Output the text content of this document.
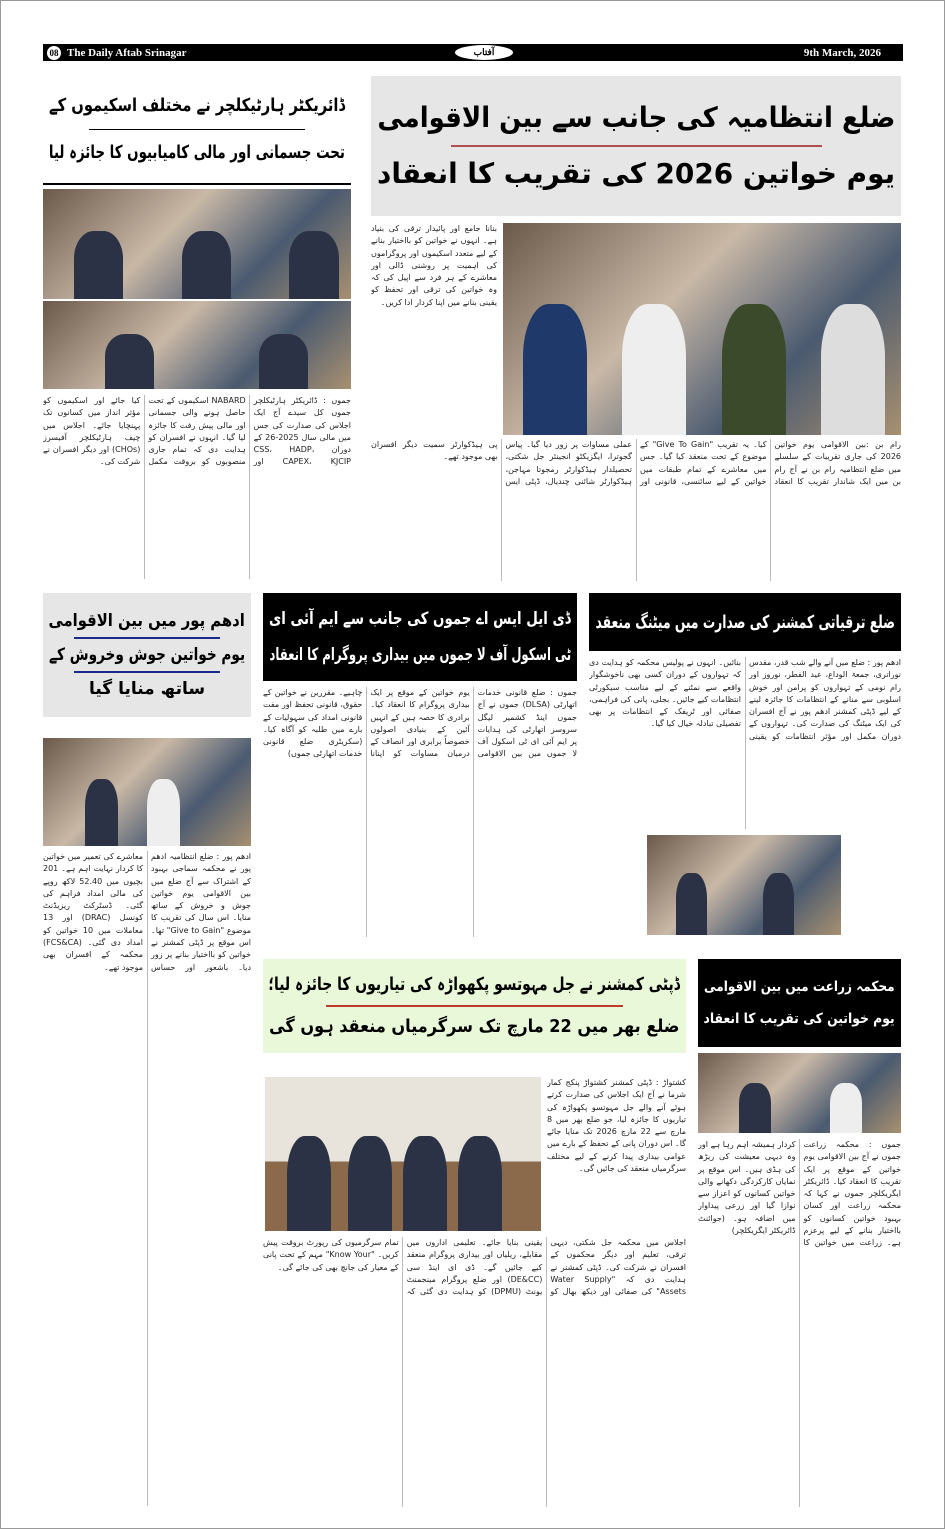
08 The Daily Aftab Srinagar	آفتاب	9th March, 2026
ضلع انتظامیہ کی جانب سے بین الاقوامی
یوم خواتین 2026 کی تقریب کا انعقاد
بنانا جامع اور پائیدار ترقی کی بنیاد ہے۔ انہوں نے خواتین کو بااختیار بنانے کے لیے متعدد اسکیموں اور پروگراموں کی اہمیت پر روشنی ڈالی اور معاشرے کے ہر فرد سے اپیل کی کہ وہ خواتین کی ترقی اور تحفظ کو یقینی بنانے میں اپنا کردار ادا کریں۔
رام بن :بین الاقوامی یوم خواتین 2026 کی جاری تقریبات کے سلسلے میں ضلع انتظامیہ رام بن نے آج رام بن میں ایک شاندار تقریب کا انعقاد کیا۔ یہ تقریب "Give To Gain" کے موضوع کے تحت منعقد کیا گیا۔ جس میں معاشرے کے تمام طبقات میں خواتین کے لیے سائنسی، قانونی اور عملی مساوات پر زور دیا گیا۔ پیاس گجوترا، ایگزیکٹو انجینئر جل شکتی، تحصیلدار ہیڈکوارٹر رمجوتا مہاجن، ہیڈکوارٹر شائنی چندیال، ڈپٹی ایس پی ہیڈکوارٹر سمیت دیگر افسران بھی موجود تھے۔
ڈائریکٹر ہارٹیکلچر نے مختلف اسکیموں کے
تحت جسمانی اور مالی کامیابیوں کا جائزہ لیا
جموں : ڈائریکٹر ہارٹیکلچر جموں کل سیدے آج ایک اجلاس کی صدارت کی جس میں مالی سال 2025-26 کے دوران CSS، HADP، CAPEX، KJCIP اور NABARD اسکیموں کے تحت حاصل ہونے والی جسمانی اور مالی پیش رفت کا جائزہ لیا گیا۔ انہوں نے افسران کو ہدایت دی کہ تمام جاری منصوبوں کو بروقت مکمل کیا جائے اور اسکیموں کو مؤثر انداز میں کسانوں تک پہنچایا جائے۔ اجلاس میں چیف ہارٹیکلچر آفیسرز (CHOs) اور دیگر افسران نے شرکت کی۔
ضلع ترقیاتی کمشنر کی صدارت میں میٹنگ منعقد
ادھم پور : ضلع میں آنے والے شب قدر، مقدس نوراتری، جمعۃ الوداع، عید الفطر، نوروز اور رام نومی کے تہواروں کو پرامن اور خوش اسلوبی سے منانے کے انتظامات کا جائزہ لینے کے لیے ڈپٹی کمشنر ادھم پور نے آج افسران کی ایک میٹنگ کی صدارت کی۔ تہواروں کے دوران مکمل اور مؤثر انتظامات کو یقینی بنائیں۔ انہوں نے پولیس محکمہ کو ہدایت دی کہ تہواروں کے دوران کسی بھی ناخوشگوار واقعے سے نمٹنے کے لیے مناسب سیکورٹی انتظامات کیے جائیں۔ بجلی، پانی کی فراہمی، صفائی اور ٹریفک کے انتظامات پر بھی تفصیلی تبادلہ خیال کیا گیا۔
ڈی ایل ایس اے جموں کی جانب سے ایم آئی ای
ٹی اسکول آف لا جموں میں بیداری پروگرام کا انعقاد
جموں : ضلع قانونی خدمات اتھارٹی (DLSA) جموں نے آج جموں اینڈ کشمیر لیگل سروسز اتھارٹی کی ہدایات پر ایم آئی ای ٹی اسکول آف لا جموں میں بین الاقوامی یوم خواتین کے موقع پر ایک بیداری پروگرام کا انعقاد کیا۔ برادری کا حصہ ہیں کے انہیں آئین کے بنیادی اصولوں خصوصاً برابری اور انصاف کے درمیان مساوات کو اپنانا چاہیے۔ مقررین نے خواتین کے حقوق، قانونی تحفظ اور مفت قانونی امداد کی سہولیات کے بارے میں طلبہ کو آگاہ کیا۔ (سکریٹری ضلع قانونی خدمات اتھارٹی جموں)
ادھم پور میں بین الاقوامی
یوم خواتین جوش وخروش کے
ساتھ منایا گیا
ادھم پور : ضلع انتظامیہ ادھم پور نے محکمہ سماجی بہبود کے اشتراک سے آج ضلع میں بین الاقوامی یوم خواتین جوش و خروش کے ساتھ منایا۔ اس سال کی تقریب کا موضوع "Give to Gain" تھا۔ اس موقع پر ڈپٹی کمشنر نے خواتین کو بااختیار بنانے پر زور دیا۔ باشعور اور حساس معاشرے کی تعمیر میں خواتین کا کردار نہایت اہم ہے۔ 201 بچیوں میں 52.40 لاکھ روپے کی مالی امداد فراہم کی گئی۔ ڈسٹرکٹ ریزیڈنٹ کونسل (DRAC) اور 13 معاملات میں 10 خواتین کو امداد دی گئی۔ (FCS&CA) محکمہ کے افسران بھی موجود تھے۔
ڈپٹی کمشنر نے جل مہوتسو پکھواڑہ کی تیاریوں کا جائزہ لیا؛
ضلع بھر میں 22 مارچ تک سرگرمیاں منعقد ہوں گی
کشتواڑ : ڈپٹی کمشنر کشتواڑ پنکج کمار شرما نے آج ایک اجلاس کی صدارت کرتے ہوئے آنے والے جل مہوتسو پکھواڑہ کی تیاریوں کا جائزہ لیا، جو ضلع بھر میں 8 مارچ سے 22 مارچ 2026 تک منایا جائے گا۔ اس دوران پانی کے تحفظ کے بارے میں عوامی بیداری پیدا کرنے کے لیے مختلف سرگرمیاں منعقد کی جائیں گی۔
اجلاس میں محکمہ جل شکتی، دیہی ترقی، تعلیم اور دیگر محکموں کے افسران نے شرکت کی۔ ڈپٹی کمشنر نے ہدایت دی کہ "Water Supply Assets" کی صفائی اور دیکھ بھال کو یقینی بنایا جائے۔ تعلیمی اداروں میں مقابلے، ریلیاں اور بیداری پروگرام منعقد کیے جائیں گے۔ ڈی ای اینڈ سی (DE&CC) اور ضلع پروگرام مینجمنٹ یونٹ (DPMU) کو ہدایت دی گئی کہ تمام سرگرمیوں کی رپورٹ بروقت پیش کریں۔ "Know Your" مہم کے تحت پانی کے معیار کی جانچ بھی کی جائے گی۔
محکمہ زراعت میں بین الاقوامی
یوم خواتین کی تقریب کا انعقاد
جموں : محکمہ زراعت جموں نے آج بین الاقوامی یوم خواتین کے موقع پر ایک تقریب کا انعقاد کیا۔ ڈائریکٹر ایگریکلچر جموں نے کہا کہ محکمہ زراعت اور کسان بہبود خواتین کسانوں کو بااختیار بنانے کے لیے پرعزم ہے۔ زراعت میں خواتین کا کردار ہمیشہ اہم رہا ہے اور وہ دیہی معیشت کی ریڑھ کی ہڈی ہیں۔ اس موقع پر نمایاں کارکردگی دکھانے والی خواتین کسانوں کو اعزاز سے نوازا گیا اور زرعی پیداوار میں اضافہ ہو۔ (جوائنٹ ڈائریکٹر ایگریکلچر)
